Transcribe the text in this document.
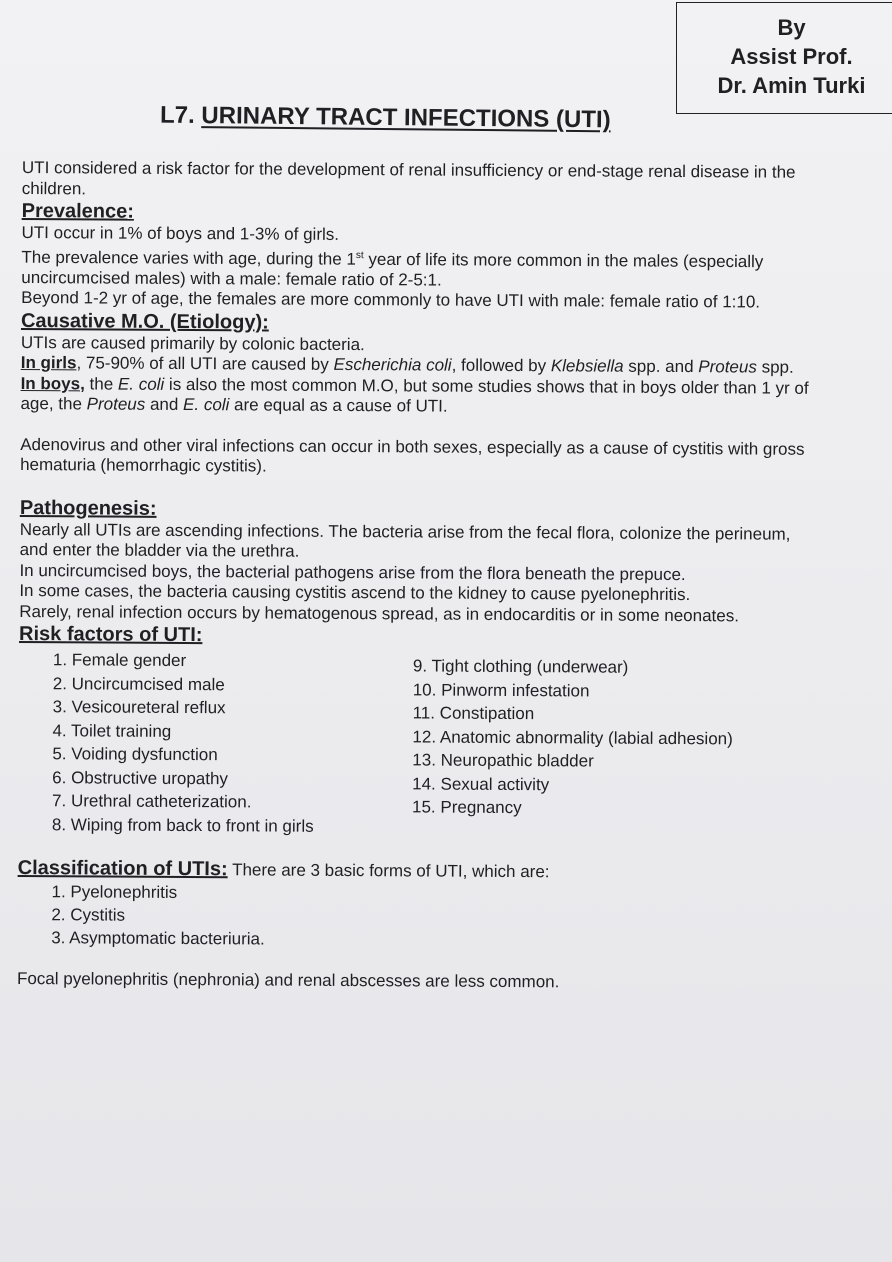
By
Assist Prof.
Dr. Amin Turki
L7. URINARY TRACT INFECTIONS (UTI)

UTI considered a risk factor for the development of renal insufficiency or end-stage renal disease in the children.

Prevalence:

UTI occur in 1% of boys and 1-3% of girls.

The prevalence varies with age, during the 1st year of life its more common in the males (especially uncircumcised males) with a male: female ratio of 2-5:1.

Beyond 1-2 yr of age, the females are more commonly to have UTI with male: female ratio of 1:10.

Causative M.O. (Etiology):

UTIs are caused primarily by colonic bacteria.

In girls, 75-90% of all UTI are caused by Escherichia coli, followed by Klebsiella spp. and Proteus spp.

In boys, the E. coli is also the most common M.O, but some studies shows that in boys older than 1 yr of age, the Proteus and E. coli are equal as a cause of UTI.

Adenovirus and other viral infections can occur in both sexes, especially as a cause of cystitis with gross hematuria (hemorrhagic cystitis).

Pathogenesis:

Nearly all UTIs are ascending infections. The bacteria arise from the fecal flora, colonize the perineum, and enter the bladder via the urethra.

In uncircumcised boys, the bacterial pathogens arise from the flora beneath the prepuce.

In some cases, the bacteria causing cystitis ascend to the kidney to cause pyelonephritis.

Rarely, renal infection occurs by hematogenous spread, as in endocarditis or in some neonates.

Risk factors of UTI:
1. Female gender
2. Uncircumcised male
3. Vesicoureteral reflux
4. Toilet training
5. Voiding dysfunction
6. Obstructive uropathy
7. Urethral catheterization.
8. Wiping from back to front in girls
9. Tight clothing (underwear)
10. Pinworm infestation
11. Constipation
12. Anatomic abnormality (labial adhesion)
13. Neuropathic bladder
14. Sexual activity
15. Pregnancy

Classification of UTIs: There are 3 basic forms of UTI, which are:

1. Pyelonephritis
2. Cystitis
3. Asymptomatic bacteriuria.

Focal pyelonephritis (nephronia) and renal abscesses are less common.
